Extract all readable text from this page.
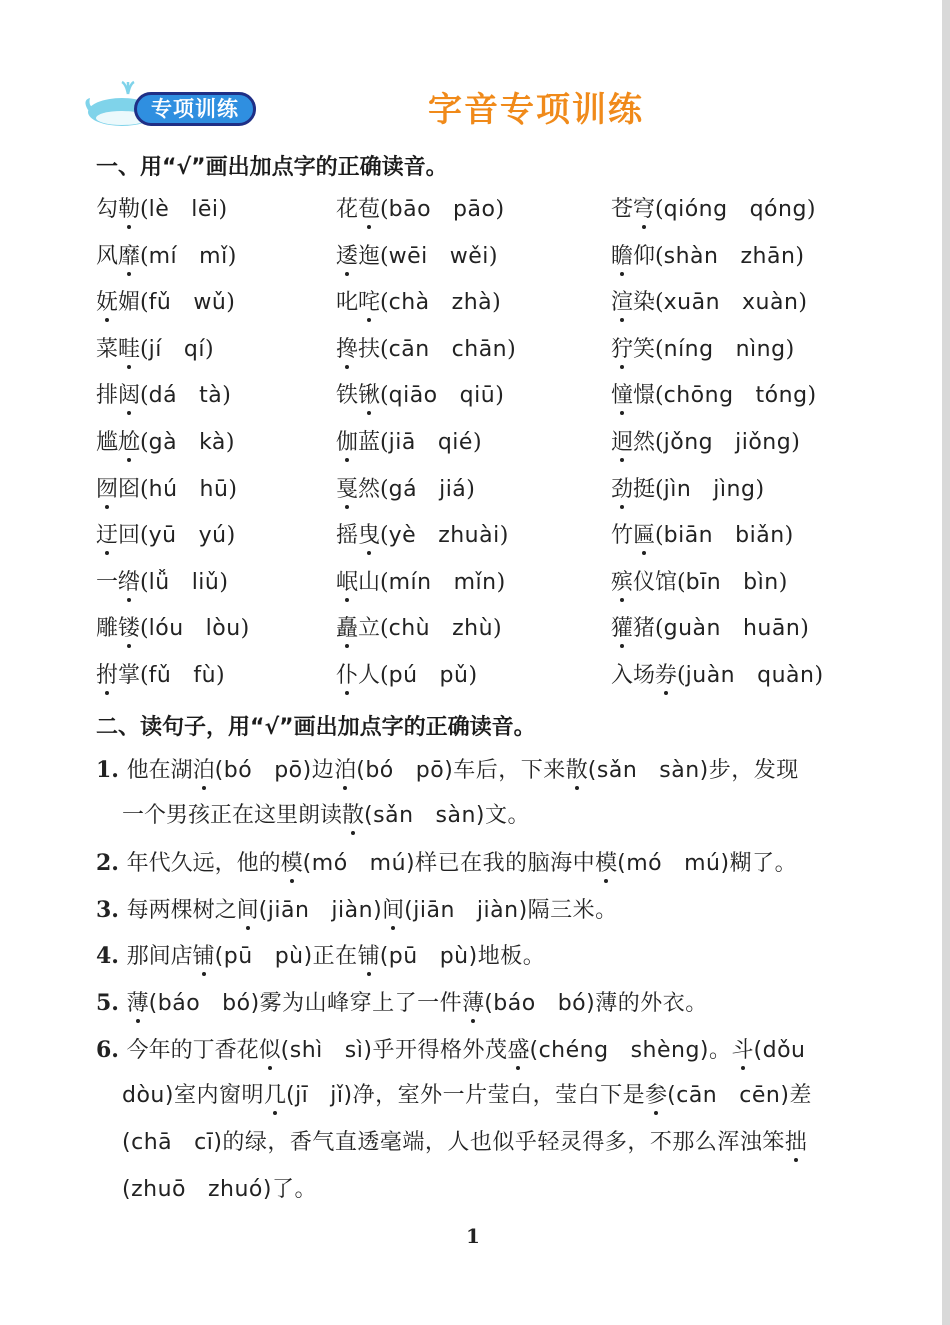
专项训练	字音专项训练
一、用“√”画出加点字的正确读音。
勾勒(lè lēi)	花苞(bāo pāo)	苍穹(qióng qóng)
风靡(mí mǐ)	逶迤(wēi wěi)	瞻仰(shàn zhān)
妩媚(fǔ wǔ)	叱咤(chà zhà)	渲染(xuān xuàn)
菜畦(jí qí)	搀扶(cān chān)	狞笑(níng nìng)
排闼(dá tà)	铁锹(qiāo qiū)	憧憬(chōng tóng)
尴尬(gà kà)	伽蓝(jiā qié)	迥然(jǒng jiǒng)
囫囵(hú hū)	戛然(gá jiá)	劲挺(jìn jìng)
迂回(yū yú)	摇曳(yè zhuài)	竹匾(biān biǎn)
一绺(lǚ liǔ)	岷山(mín mǐn)	殡仪馆(bīn bìn)
雕镂(lóu lòu)	矗立(chù zhù)	獾猪(guàn huān)
拊掌(fǔ fù)	仆人(pú pǔ)	入场券(juàn quàn)
二、读句子，用“√”画出加点字的正确读音。
1. 他在湖泊(bó pō)边泊(bó pō)车后，下来散(sǎn sàn)步，发现
一个男孩正在这里朗读散(sǎn sàn)文。
2. 年代久远，他的模(mó mú)样已在我的脑海中模(mó mú)糊了。
3. 每两棵树之间(jiān jiàn)间(jiān jiàn)隔三米。
4. 那间店铺(pū pù)正在铺(pū pù)地板。
5. 薄(báo bó)雾为山峰穿上了一件薄(báo bó)薄的外衣。
6. 今年的丁香花似(shì sì)乎开得格外茂盛(chéng shèng)。斗(dǒu
dòu)室内窗明几(jī jǐ)净，室外一片莹白，莹白下是参(cān cēn)差
(chā cī)的绿，香气直透毫端，人也似乎轻灵得多，不那么浑浊笨拙
(zhuō zhuó)了。
1
